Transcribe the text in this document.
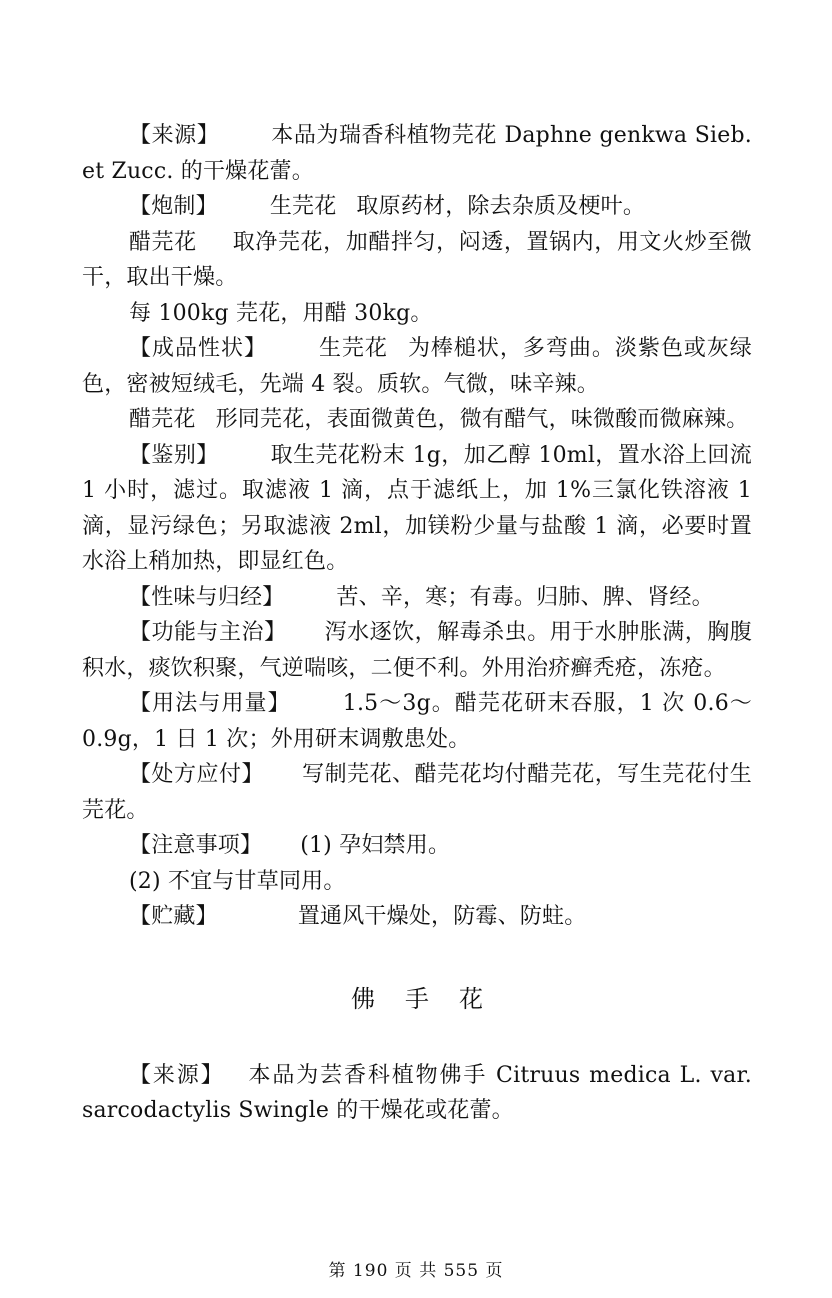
【来源】 本品为瑞香科植物芫花 Daphne genkwa Sieb. et Zucc. 的干燥花蕾。

【炮制】 生芫花 取原药材，除去杂质及梗叶。

醋芫花 取净芫花，加醋拌匀，闷透，置锅内，用文火炒至微干，取出干燥。

每 100kg 芫花，用醋 30kg。

【成品性状】 生芫花 为棒槌状，多弯曲。淡紫色或灰绿色，密被短绒毛，先端 4 裂。质软。气微，味辛辣。

醋芫花 形同芫花，表面微黄色，微有醋气，味微酸而微麻辣。

【鉴别】 取生芫花粉末 1g，加乙醇 10ml，置水浴上回流 1 小时，滤过。取滤液 1 滴，点于滤纸上，加 1%三氯化铁溶液 1 滴，显污绿色；另取滤液 2ml，加镁粉少量与盐酸 1 滴，必要时置水浴上稍加热，即显红色。

【性味与归经】 苦、辛，寒；有毒。归肺、脾、肾经。

【功能与主治】 泻水逐饮，解毒杀虫。用于水肿胀满，胸腹积水，痰饮积聚，气逆喘咳，二便不利。外用治疥癣秃疮，冻疮。

【用法与用量】 1.5～3g。醋芫花研末吞服，1 次 0.6～0.9g，1 日 1 次；外用研末调敷患处。

【处方应付】 写制芫花、醋芫花均付醋芫花，写生芫花付生芫花。

【注意事项】 (1) 孕妇禁用。

(2) 不宜与甘草同用。

【贮藏】	置通风干燥处，防霉、防蛀。

佛手花

【来源】 本品为芸香科植物佛手 Citruus medica L. var. sarcodactylis Swingle 的干燥花或花蕾。

第 190 页 共 555 页
